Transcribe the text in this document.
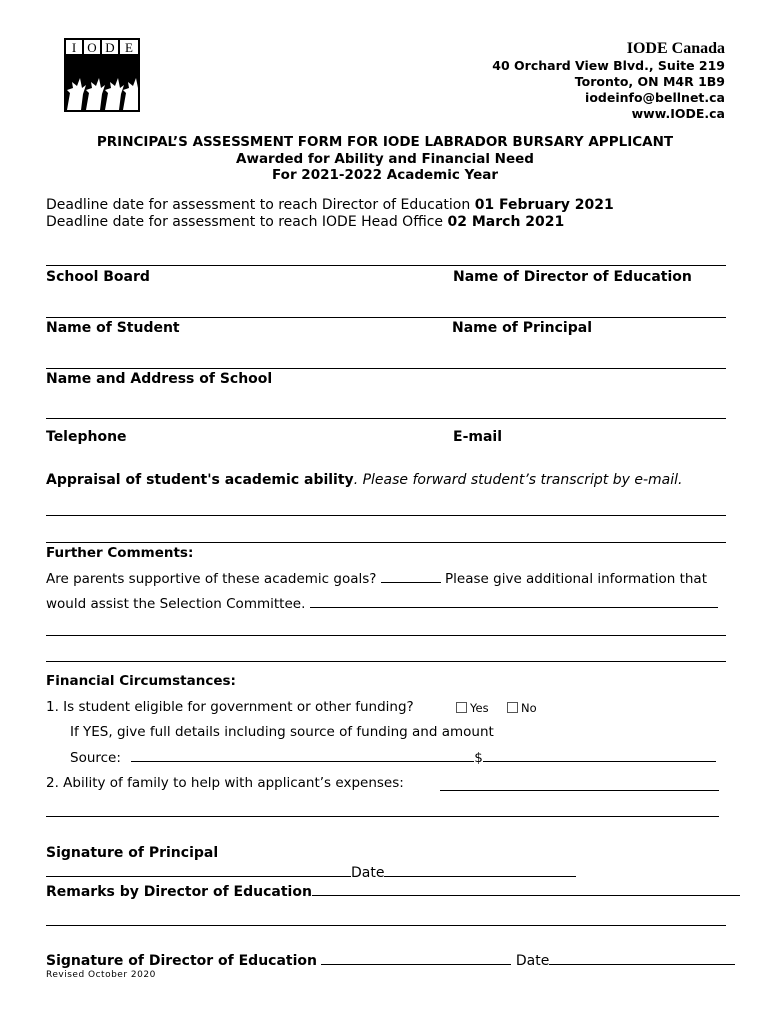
I O D E	IODE Canada
40 Orchard View Blvd., Suite 219
Toronto, ON M4R 1B9
iodeinfo@bellnet.ca
www.IODE.ca
PRINCIPAL’S ASSESSMENT FORM FOR IODE LABRADOR BURSARY APPLICANT
Awarded for Ability and Financial Need
For 2021-2022 Academic Year
Deadline date for assessment to reach Director of Education 01 February 2021
Deadline date for assessment to reach IODE Head Office 02 March 2021
School Board	Name of Director of Education
Name of Student	Name of Principal
Name and Address of School
Telephone	E-mail
Appraisal of student's academic ability. Please forward student’s transcript by e-mail.
Further Comments:
Are parents supportive of these academic goals?	Please give additional information that
would assist the Selection Committee.
Financial Circumstances:
1. Is student eligible for government or other funding?	Yes	No
If YES, give full details including source of funding and amount
Source:	$
2. Ability of family to help with applicant’s expenses:
Signature of Principal
Date
Remarks by Director of Education
Signature of Director of Education	Date
Revised October 2020
